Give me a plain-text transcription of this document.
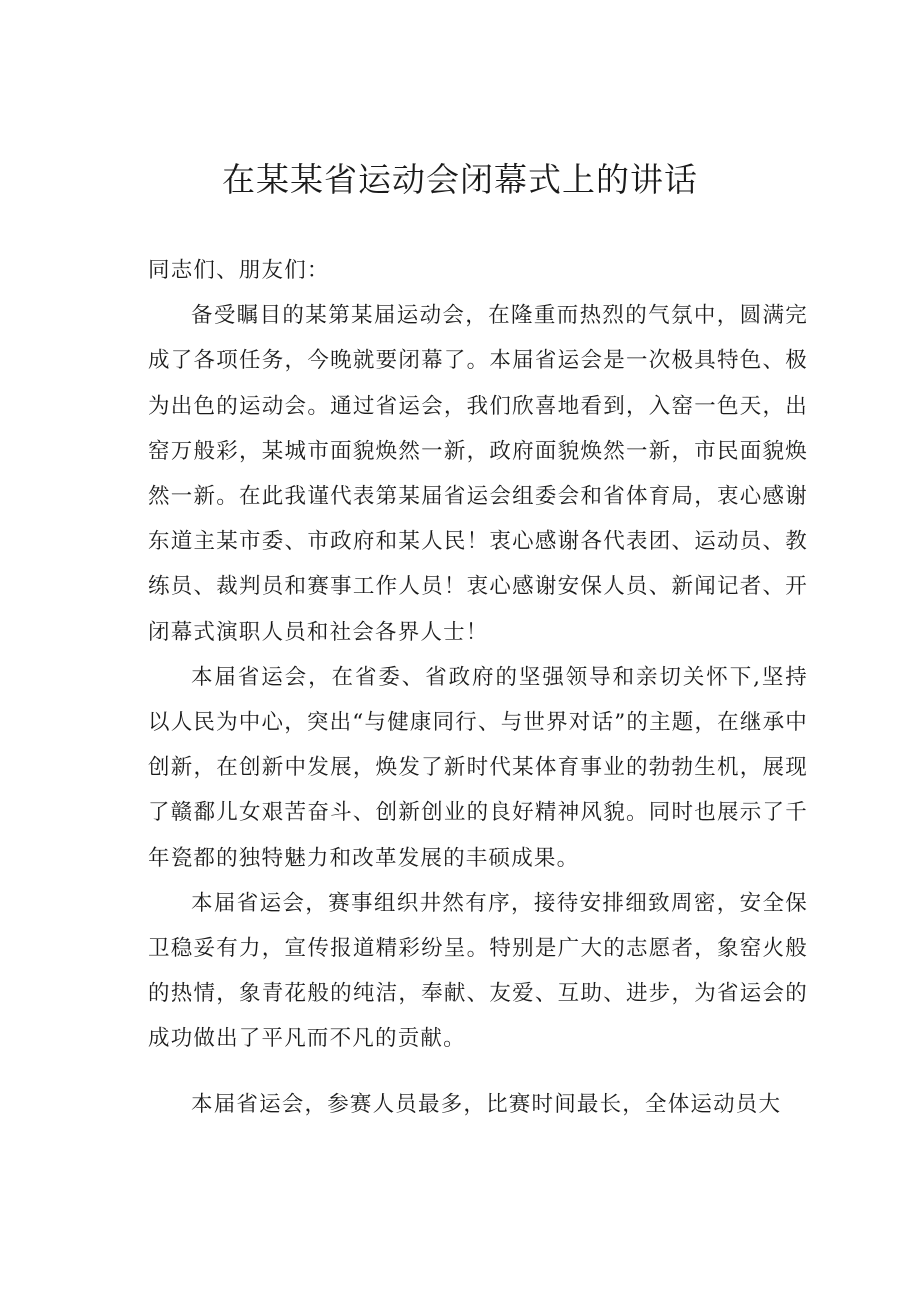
在某某省运动会闭幕式上的讲话

同志们、朋友们：

备受瞩目的某第某届运动会，在隆重而热烈的气氛中，圆满完成了各项任务，今晚就要闭幕了。本届省运会是一次极具特色、极为出色的运动会。通过省运会，我们欣喜地看到，入窑一色天，出窑万般彩，某城市面貌焕然一新，政府面貌焕然一新，市民面貌焕然一新。在此我谨代表第某届省运会组委会和省体育局，衷心感谢东道主某市委、市政府和某人民！衷心感谢各代表团、运动员、教练员、裁判员和赛事工作人员！衷心感谢安保人员、新闻记者、开闭幕式演职人员和社会各界人士！

本届省运会，在省委、省政府的坚强领导和亲切关怀下,坚持以人民为中心，突出“与健康同行、与世界对话”的主题，在继承中创新，在创新中发展，焕发了新时代某体育事业的勃勃生机，展现了赣鄱儿女艰苦奋斗、创新创业的良好精神风貌。同时也展示了千年瓷都的独特魅力和改革发展的丰硕成果。

本届省运会，赛事组织井然有序，接待安排细致周密，安全保卫稳妥有力，宣传报道精彩纷呈。特别是广大的志愿者，象窑火般的热情，象青花般的纯洁，奉献、友爱、互助、进步，为省运会的成功做出了平凡而不凡的贡献。

本届省运会，参赛人员最多，比赛时间最长，全体运动员大
